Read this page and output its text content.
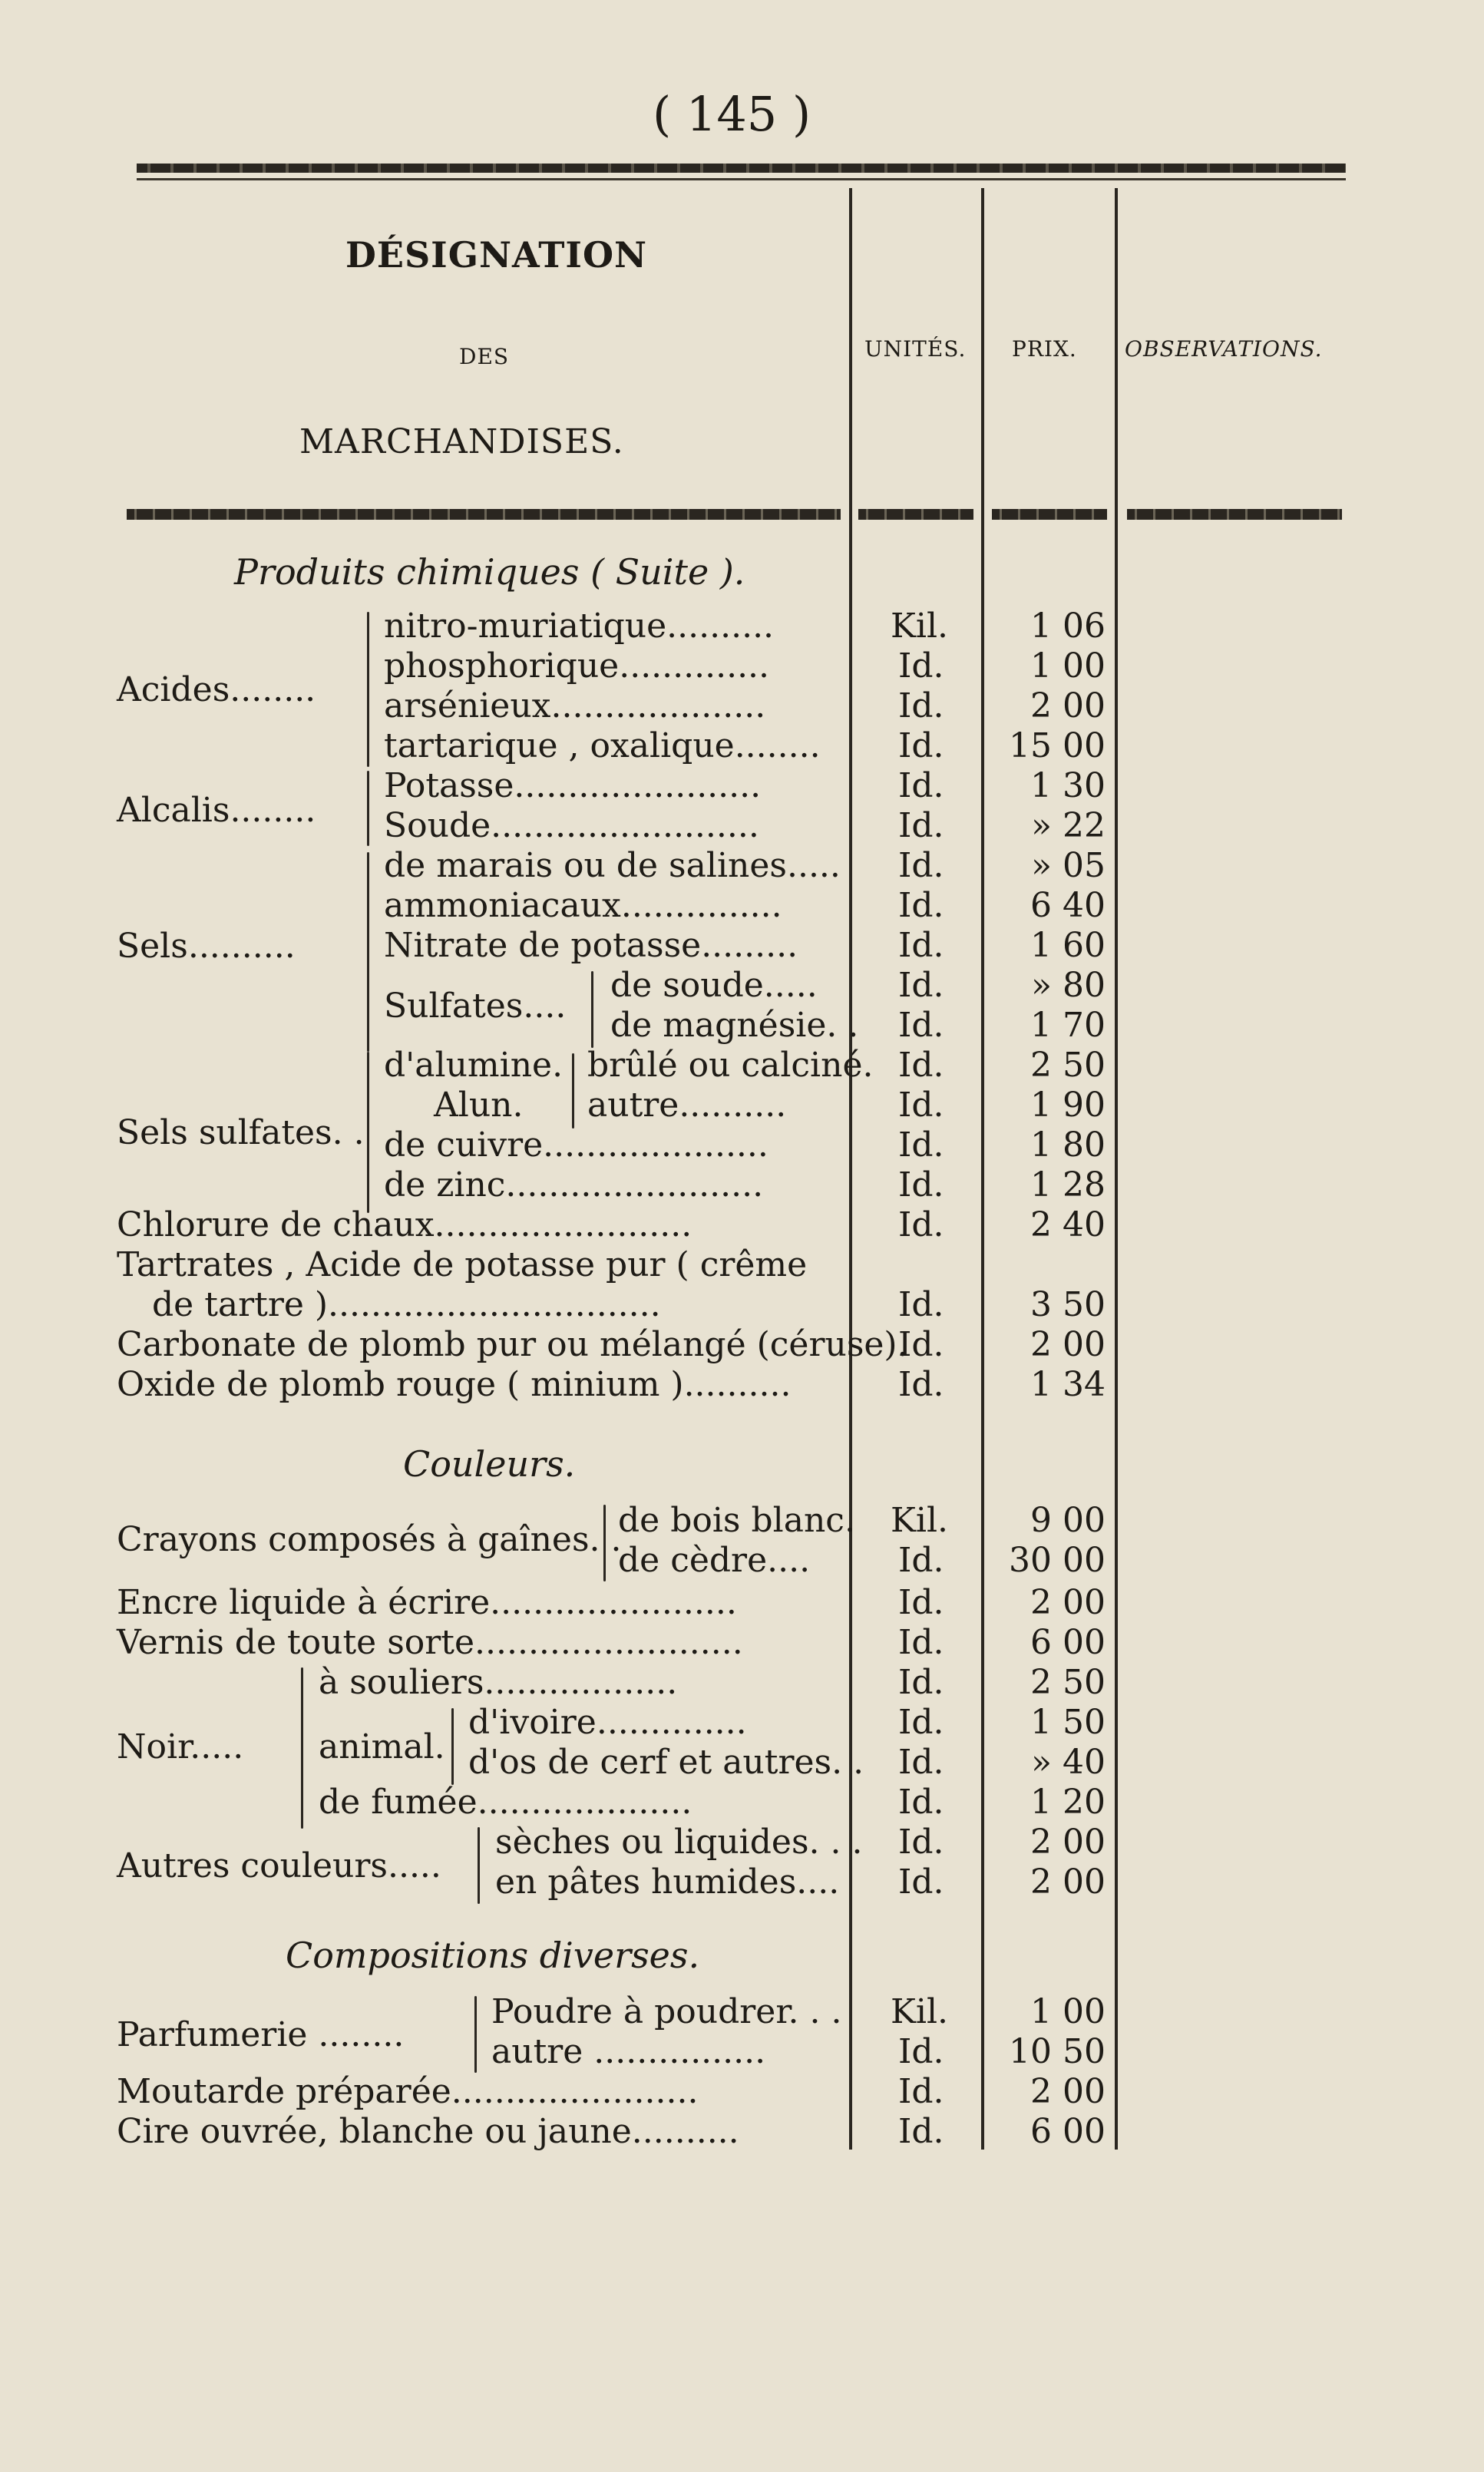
( 145 )
DÉSIGNATION
DES
MARCHANDISES.
UNITÉS. PRIX. OBSERVATIONS.
Produits chimiques ( Suite ).
Acides........
nitro-muriatique..........
phosphorique..............
arsénieux....................
tartarique , oxalique........
Alcalis........
Potasse.......................
Soude.........................
Sels..........
de marais ou de salines.....
ammoniacaux...............
Nitrate de potasse.........
Sulfates....
de soude.....
de magnésie. .
Sels sulfates. .
d'alumine. brûlé ou calciné.
Alun. autre..........
de cuivre.....................
de zinc........................
Chlorure de chaux........................
Tartrates , Acide de potasse pur ( crême
de tartre )...............................
Carbonate de plomb pur ou mélangé (céruse).
Oxide de plomb rouge ( minium )..........
Couleurs.
Crayons composés à gaînes. .
de bois blanc.
de cèdre....
Encre liquide à écrire.......................
Vernis de toute sorte.........................
Noir.....
à souliers..................
animal.
d'ivoire..............
d'os de cerf et autres. .
de fumée....................
Autres couleurs.....
sèches ou liquides. . .
en pâtes humides....
Compositions diverses.
Parfumerie ........
Poudre à poudrer. . .
autre ................
Moutarde préparée.......................
Cire ouvrée, blanche ou jaune..........
Kil.
Id.
Id.
Id.
Id.
Id.
Id.
Id.
Id.
Id.
Id.
Id.
Id.
Id.
Id.
Id.
Id.
Id.
Id.
Kil.
Id.
Id.
Id.
Id.
Id.
Id.
Id.
Id.
Id.
Kil.
Id.
Id.
Id.
1 06
1 00
2 00
15 00
1 30
» 22
» 05
6 40
1 60
» 80
1 70
2 50
1 90
1 80
1 28
2 40
3 50
2 00
1 34
9 00
30 00
2 00
6 00
2 50
1 50
» 40
1 20
2 00
2 00
1 00
10 50
2 00
6 00
